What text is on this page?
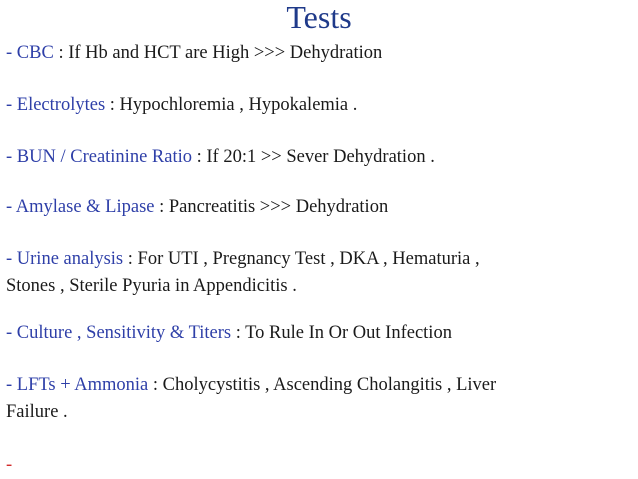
Tests
- CBC : If Hb and HCT are High >>> Dehydration
- Electrolytes : Hypochloremia , Hypokalemia .
- BUN / Creatinine Ratio : If 20:1 >> Sever Dehydration .
- Amylase & Lipase : Pancreatitis >>> Dehydration
- Urine analysis : For UTI , Pregnancy Test , DKA , Hematuria ,
Stones , Sterile Pyuria in Appendicitis .
- Culture , Sensitivity & Titers : To Rule In Or Out Infection
- LFTs + Ammonia : Cholycystitis , Ascending Cholangitis , Liver
Failure .
-
